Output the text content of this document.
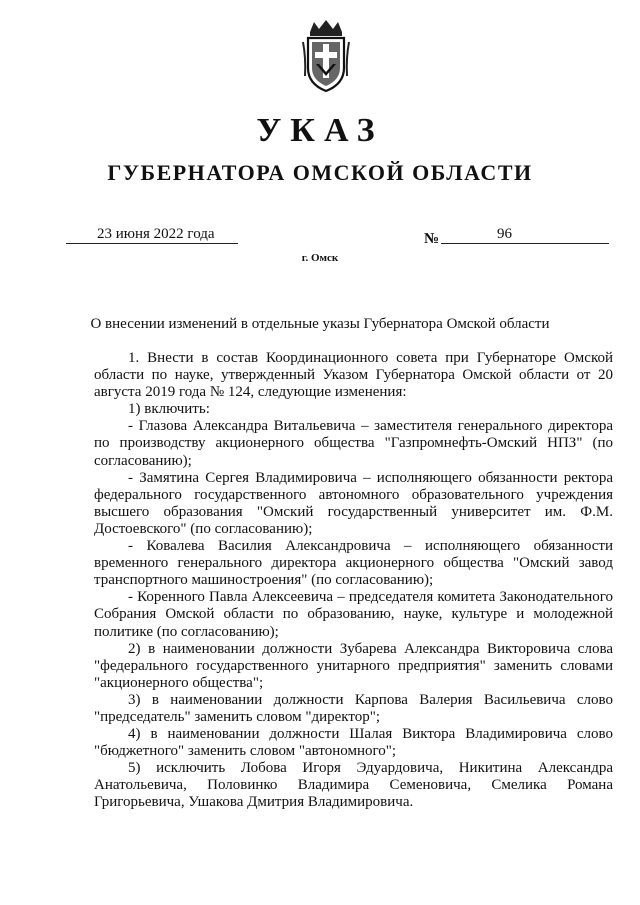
УКАЗ
ГУБЕРНАТОРА ОМСКОЙ ОБЛАСТИ
23 июня 2022 года	№	96
г. Омск
О внесении изменений в отдельные указы Губернатора Омской области

1. Внести в состав Координационного совета при Губернаторе Омской области по науке, утвержденный Указом Губернатора Омской области от 20 августа 2019 года № 124, следующие изменения:

1) включить:

- Глазова Александра Витальевича – заместителя генерального директора по производству акционерного общества "Газпромнефть-Омский НПЗ" (по согласованию);

- Замятина Сергея Владимировича – исполняющего обязанности ректора федерального государственного автономного образовательного учреждения высшего образования "Омский государственный университет им. Ф.М. Достоевского" (по согласованию);

- Ковалева Василия Александровича – исполняющего обязанности временного генерального директора акционерного общества "Омский завод транспортного машиностроения" (по согласованию);

- Коренного Павла Алексеевича – председателя комитета Законодательного Собрания Омской области по образованию, науке, культуре и молодежной политике (по согласованию);

2) в наименовании должности Зубарева Александра Викторовича слова "федерального государственного унитарного предприятия" заменить словами "акционерного общества";

3) в наименовании должности Карпова Валерия Васильевича слово "председатель" заменить словом "директор";

4) в наименовании должности Шалая Виктора Владимировича слово "бюджетного" заменить словом "автономного";

5) исключить Лобова Игоря Эдуардовича, Никитина Александра Анатольевича, Половинко Владимира Семеновича, Смелика Романа Григорьевича, Ушакова Дмитрия Владимировича.
